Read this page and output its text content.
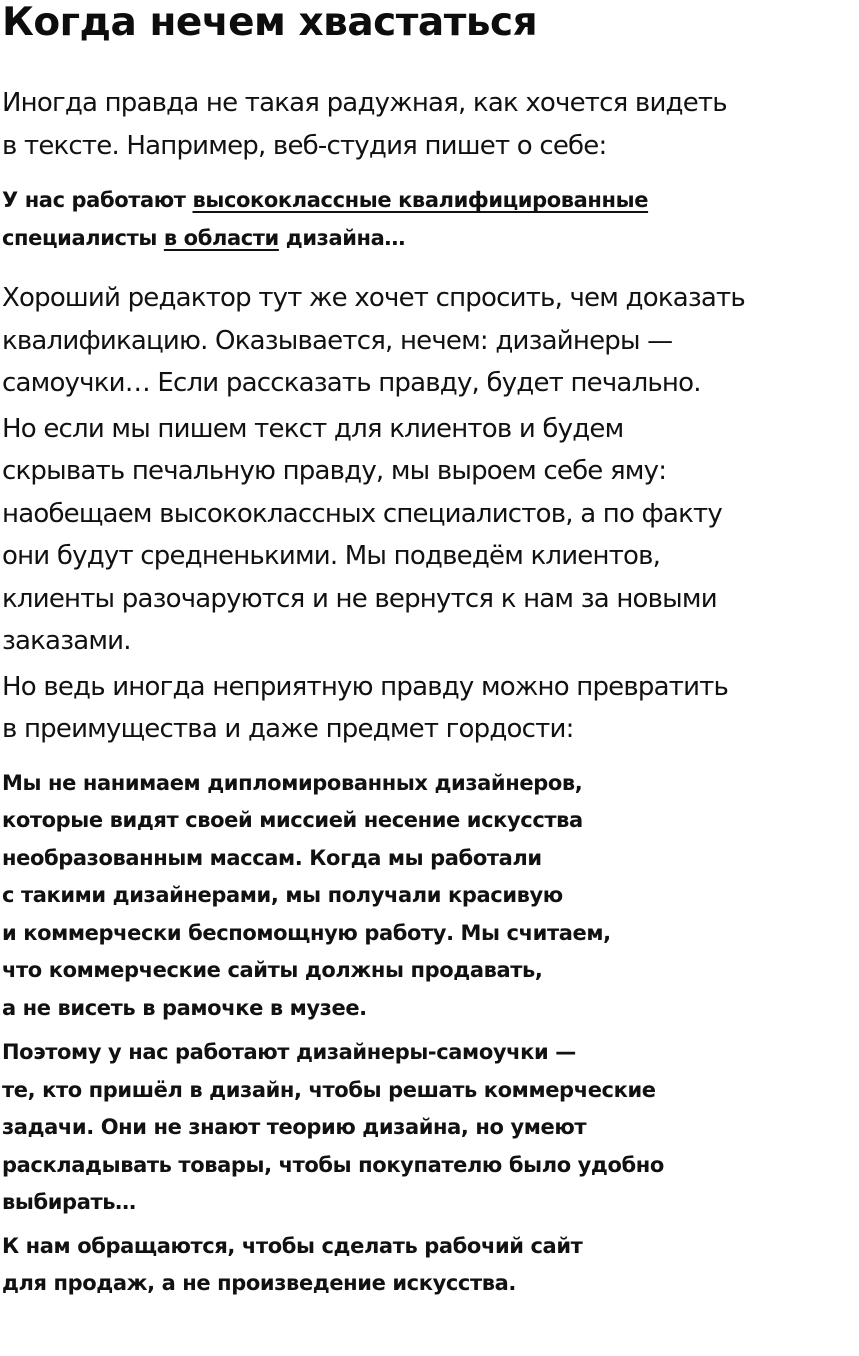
Когда нечем хвастаться

Иногда правда не такая радужная, как хочется видеть
в тексте. Например, веб-студия пишет о себе:

У нас работают высококлассные квалифицированные
специалисты в области дизайна…

Хороший редактор тут же хочет спросить, чем доказать
квалификацию. Оказывается, нечем: дизайнеры —
самоучки… Если рассказать правду, будет печально.

Но если мы пишем текст для клиентов и будем
скрывать печальную правду, мы выроем себе яму:
наобещаем высококлассных специалистов, а по факту
они будут средненькими. Мы подведём клиентов,
клиенты разочаруются и не вернутся к нам за новыми
заказами.

Но ведь иногда неприятную правду можно превратить
в преимущества и даже предмет гордости:

Мы не нанимаем дипломированных дизайнеров,
которые видят своей миссией несение искусства
необразованным массам. Когда мы работали
с такими дизайнерами, мы получали красивую
и коммерчески беспомощную работу. Мы считаем,
что коммерческие сайты должны продавать,
а не висеть в рамочке в музее.

Поэтому у нас работают дизайнеры-самоучки —
те, кто пришёл в дизайн, чтобы решать коммерческие
задачи. Они не знают теорию дизайна, но умеют
раскладывать товары, чтобы покупателю было удобно
выбирать…

К нам обращаются, чтобы сделать рабочий сайт
для продаж, а не произведение искусства.
